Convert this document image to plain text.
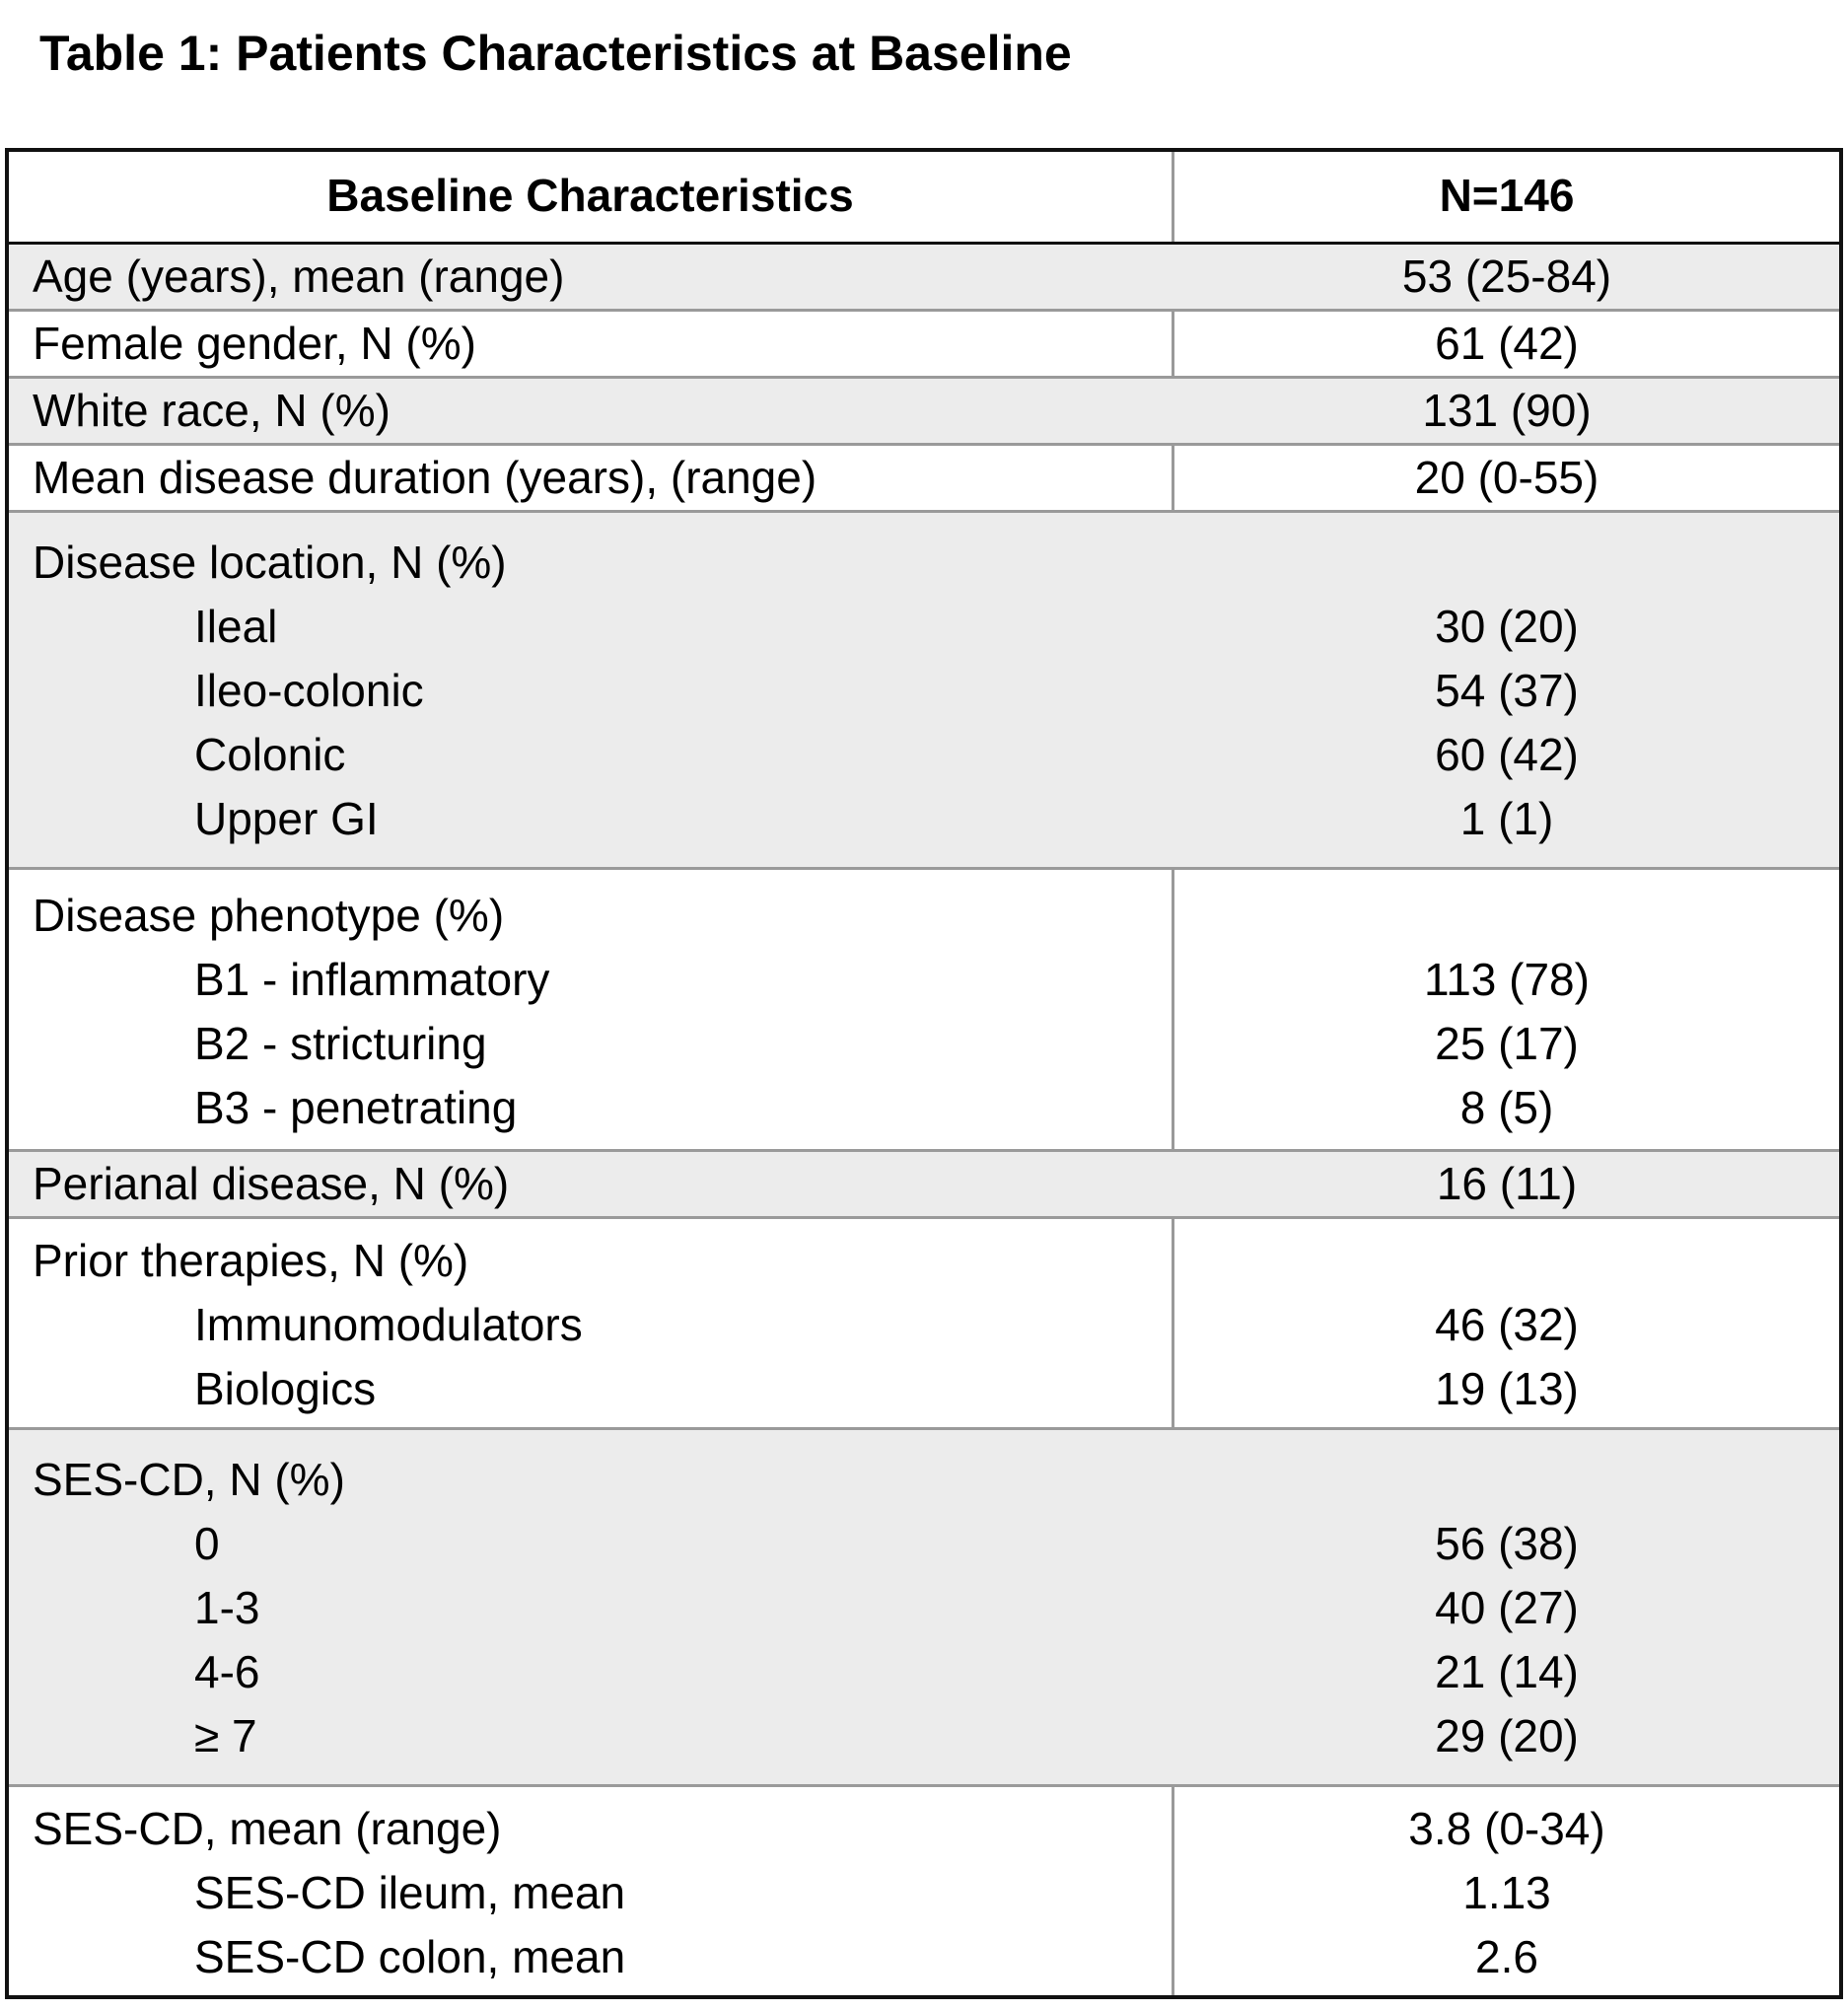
Table 1: Patients Characteristics at Baseline
Baseline Characteristics	N=146
Age (years), mean (range)	53 (25-84)
Female gender, N (%)	61 (42)
White race, N (%)	131 (90)
Mean disease duration (years), (range)	20 (0-55)
Disease location, N (%)
Ileal	30 (20)
Ileo-colonic	54 (37)
Colonic	60 (42)
Upper GI	1 (1)
Disease phenotype (%)
B1 - inflammatory	113 (78)
B2 - stricturing	25 (17)
B3 - penetrating	8 (5)
Perianal disease, N (%)	16 (11)
Prior therapies, N (%)
Immunomodulators	46 (32)
Biologics	19 (13)
SES-CD, N (%)
0	56 (38)
1-3	40 (27)
4-6	21 (14)
≥ 7	29 (20)
SES-CD, mean (range)	3.8 (0-34)
SES-CD ileum, mean	1.13
SES-CD colon, mean	2.6
